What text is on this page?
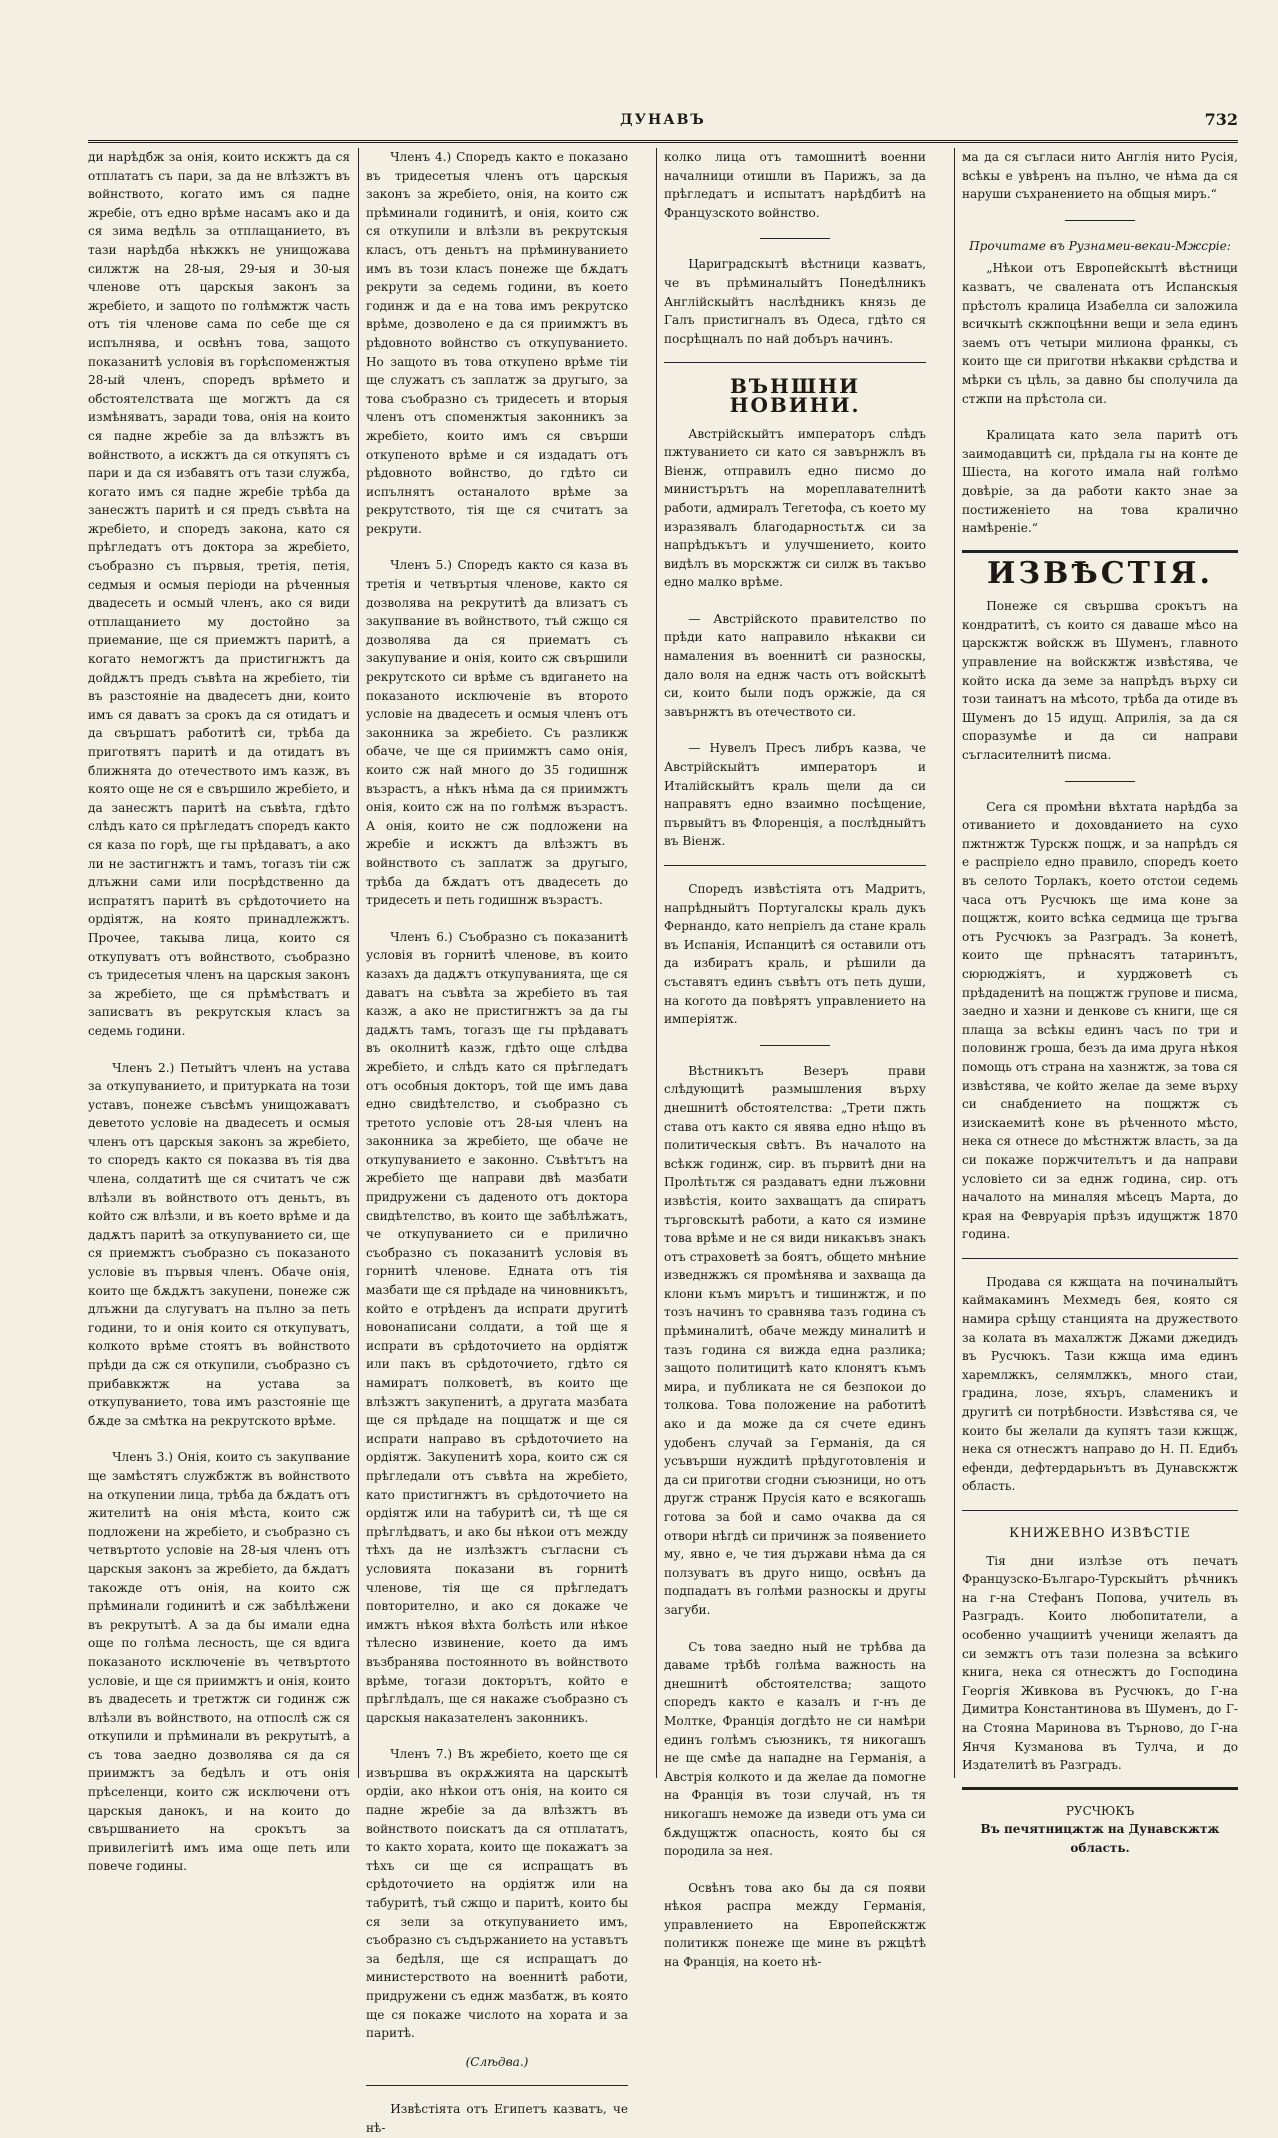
ДУНАВЪ	732

ди нарѣдбж за онія, които искжтъ да ся отплататъ съ пари, за да не влѣзжтъ въ войнството, когато имъ ся падне жребіе, отъ едно врѣме насамъ ако и да ся зима ведѣль за отплащанието, въ тази нарѣдба нѣкжкъ не унищожава силжтж на 28-ыя, 29-ыя и 30-ыя членове отъ царскыя законъ за жребіето, и защото по голѣмжтж часть отъ тія членове сама по себе ще ся испълнява, и освѣнъ това, защото показанитѣ условія въ горѣспоменжтыя 28-ый членъ, споредъ врѣмето и обстоятелствата ще могжтъ да ся измѣняватъ, заради това, онія на които ся падне жребіе за да влѣзжтъ въ войнството, а искжтъ да ся откупятъ съ пари и да ся избавятъ отъ тази служба, когато имъ ся падне жребіе трѣба да занесжтъ паритѣ и ся предъ съвѣта на жребіето, и споредъ закона, като ся прѣгледатъ отъ доктора за жребіето, съобразно съ първыя, третія, петія, седмыя и осмыя періоди на рѣченныя двадесеть и осмый членъ, ако ся види отплащанието му достойно за приемание, ще ся приемжтъ паритѣ, а когато немогжтъ да пристигнжтъ да дойдѫтъ предъ съвѣта на жребіето, тіи въ разстояніе на двадесетъ дни, които имъ ся даватъ за срокъ да ся отидатъ и да свършатъ работитѣ си, трѣба да приготвятъ паритѣ и да отидатъ въ ближнята до отечеството имъ казж, въ която още не ся е свършило жребіето, и да занесжтъ паритѣ на съвѣта, гдѣто слѣдъ като ся прѣгледатъ споредъ както ся каза по горѣ, ще гы прѣдаватъ, а ако ли не застигнжтъ и тамъ, тогазъ тіи сж длъжни сами или посрѣдственно да испратятъ паритѣ въ срѣдоточието на ордіятж, на която принадлежжтъ. Прочее, такыва лица, които ся откупуватъ отъ войнството, съобразно съ тридесетыя членъ на царскыя законъ за жребіето, ще ся прѣмѣстватъ и записватъ въ рекрутскыя класъ за седемь години.

Членъ 2.) Петыйтъ членъ на устава за откупуванието, и притурката на този уставъ, понеже съвсѣмъ унищожаватъ деветото условіе на двадесеть и осмыя членъ отъ царскыя законъ за жребіето, то споредъ както ся показва въ тія два члена, солдатитѣ ще ся считатъ че сж влѣзли въ войнството отъ деньтъ, въ който сж влѣзли, и въ което врѣме и да дадѫтъ паритѣ за откупуванието си, ще ся приемжтъ съобразно съ показаното условіе въ първыя членъ. Обаче онія, които ще бѫдѫтъ закупени, понеже сж длъжни да слугуватъ на пълно за петь години, то и онія които ся откупуватъ, колкото врѣме стоятъ въ войнството прѣди да сж ся откупили, съобразно съ прибавкжтж на устава за откупуванието, това имъ разстояніе ще бѫде за смѣтка на рекрутското врѣме.

Членъ 3.) Онія, които съ закупвание ще замѣстятъ службжтж въ войнството на откупении лица, трѣба да бѫдатъ отъ жителитѣ на онія мѣста, които сж подложени на жребіето, и съобразно съ четвъртото условіе на 28-ыя членъ отъ царскыя законъ за жребіето, да бѫдатъ такожде отъ онія, на които сж прѣминали годинитѣ и сж забѣлѣжени въ рекрутытѣ. А за да бы имали една още по голѣма лесность, ще ся вдига показаното исключеніе въ четвъртото условіе, и ще ся приимжтъ и онія, които въ двадесеть и третжтж си годинж сж влѣзли въ войнството, на отпослѣ сж ся откупили и прѣминали въ рекрутытѣ, а съ това заедно дозволява ся да ся приимжтъ за бедѣлъ и отъ онія прѣселенци, които сж исключени отъ царскыя данокъ, и на които до свършванието на срокътъ за привилегіитѣ имъ има още петь или повече годины.

Членъ 4.) Споредъ както е показано въ тридесетыя членъ отъ царскыя законъ за жребіето, онія, на които сж прѣминали годинитѣ, и онія, които сж ся откупили и влѣзли въ рекрутскыя класъ, отъ деньтъ на прѣминуванието имъ въ този класъ понеже ще бѫдатъ рекрути за седемь години, въ което годинж и да е на това имъ рекрутско врѣме, дозволено е да ся приимжтъ въ рѣдовното войнство съ откупуванието. Но защото въ това откупено врѣме тіи ще служатъ съ заплатж за другыго, за това съобразно съ тридесеть и вторыя членъ отъ споменжтыя законникъ за жребіето, които имъ ся свърши откупеното врѣме и ся издадатъ отъ рѣдовното войнство, до гдѣто си испълнятъ останалото врѣме за рекрутството, тія ще ся считатъ за рекрути.

Членъ 5.) Споредъ както ся каза въ третія и четвъртыя членове, както ся дозволява на рекрутитѣ да влизатъ съ закупвание въ войнството, тъй сжщо ся дозволява да ся приематъ съ закупувание и онія, които сж свършили рекрутското си врѣме съ вдигането на показаното исключеніе въ второто условіе на двадесеть и осмыя членъ отъ законника за жребіето. Съ разликж обаче, че ще ся приимжтъ само онія, които сж най много до 35 годишнж възрастъ, а нѣкъ нѣма да ся приимжтъ онія, които сж на по голѣмж възрастъ. А онія, които не сж подложени на жребіе и искжтъ да влѣзжтъ въ войнството съ заплатж за другыго, трѣба да бѫдатъ отъ двадесеть до тридесеть и петь годишнж възрастъ.

Членъ 6.) Съобразно съ показанитѣ условія въ горнитѣ членове, въ които казахъ да дадѫтъ откупуванията, ще ся даватъ на съвѣта за жребіето въ тая казж, а ако не пристигнжтъ за да гы дадѫтъ тамъ, тогазъ ще гы прѣдаватъ въ околнитѣ казж, гдѣто още слѣдва жребіето, и слѣдъ като ся прѣгледатъ отъ особныя докторъ, той ще имъ дава едно свидѣтелство, и съобразно съ третото условіе отъ 28-ыя членъ на законника за жребіето, ще обаче не откупуванието е законно. Съвѣтътъ на жребіето ще направи двѣ мазбати придружени съ даденото отъ доктора свидѣтелство, въ които ще забѣлѣжатъ, че откупуванието си е прилично съобразно съ показанитѣ условія въ горнитѣ членове. Едната отъ тія мазбати ще ся прѣдаде на чиновникътъ, който е отрѣденъ да испрати другитѣ новонаписани солдати, а той ще я испрати въ срѣдоточието на ордіятж или пакъ въ срѣдоточието, гдѣто ся намиратъ полковетѣ, въ които ще влѣзжтъ закупенитѣ, а другата мазбата ще ся прѣдаде на поцщатж и ще ся испрати направо въ срѣдоточието на ордіятж. Закупенитѣ хора, които сж ся прѣгледали отъ съвѣта на жребіето, като пристигнжтъ въ срѣдоточието на ордіятж или на табуритѣ си, тѣ ще ся прѣглѣдватъ, и ако бы нѣкои отъ между тѣхъ да не излѣзжтъ съгласни съ условията показани въ горнитѣ членове, тія ще ся прѣгледатъ повторително, и ако ся докаже че имжтъ нѣкоя вѣхта болѣсть или нѣкое тѣлесно извинение, което да имъ възбранява постоянното въ войнството врѣме, тогази докторътъ, който е прѣглѣдалъ, ще ся накаже съобразно съ царскыя наказателенъ законникъ.

Членъ 7.) Въ жребіето, което ще ся извършва въ окрѫжията на царскытѣ ордіи, ако нѣкои отъ онія, на които ся падне жребіе за да влѣзжтъ въ войнството поискатъ да ся отплататъ, то както хората, които ще покажатъ за тѣхъ си ще ся испращатъ въ срѣдоточието на ордіятж или на табуритѣ, тъй сжщо и паритѣ, които бы ся зели за откупуванието имъ, съобразно съ съдържанието на уставътъ за бедѣля, ще ся испращатъ до министерството на военнитѣ работи, придружени съ еднж мазбатж, въ която ще ся покаже числото на хората и за паритѣ.

(Слѣдва.)

Извѣстіята отъ Египетъ казватъ, че нѣ-

колко лица отъ тамошнитѣ военни началници отишли въ Парижъ, за да прѣгледатъ и испытатъ нарѣдбитѣ на Французското войнство.

Цариградскытѣ вѣстници казватъ, че въ прѣминалыйтъ Понедѣлникъ Англійскыйтъ наслѣдникъ князь де Галъ пристигналъ въ Одеса, гдѣто ся посрѣщналъ по най добъръ начинъ.

ВЪНШНИ НОВИНИ.

Австрійскыйтъ императоръ слѣдъ пжтуванието си като ся завърнжлъ въ Віенж, отправилъ едно писмо до министърътъ на мореплавателнитѣ работи, адмиралъ Тегетофа, съ което му изразявалъ благодарностьтѫ си за напрѣдъкътъ и улучшението, които видѣлъ въ морскжтж си силж въ такъво едно малко врѣме.

— Австрійското правителство по прѣди като направило нѣкакви си намаления въ военнитѣ си разноскы, дало воля на еднж часть отъ войскытѣ си, които были подъ оржжіе, да ся завърнжтъ въ отечеството си.

— Нувелъ Пресъ либръ казва, че Австрійскыйтъ императоръ и Италійскыйтъ краль щели да си направятъ едно взаимно посѣщение, първыйтъ въ Флоренція, а послѣдныйтъ въ Віенж.

Споредъ извѣстіята отъ Мадритъ, напрѣдныйтъ Португалскы краль дукъ Фернандо, като непріелъ да стане краль въ Испанія, Испанцитѣ ся оставили отъ да избиратъ краль, и рѣшили да съставятъ единъ съвѣтъ отъ петь души, на когото да повѣрятъ управлението на имперіятж.

Вѣстникътъ Везеръ прави слѣдующитѣ размышления върху днешнитѣ обстоятелства: „Трети пжть става отъ както ся явява едно нѣщо въ политическыя свѣтъ. Въ началото на всѣкж годинж, сир. въ първитѣ дни на Пролѣтьтж ся раздаватъ едни лъжовни извѣстія, които захващатъ да спиратъ търговскытѣ работи, а като ся измине това врѣме и не ся види никакъвъ знакъ отъ страховетѣ за боятъ, общето мнѣние изведнжжъ ся промѣнява и захваща да клони къмъ мирътъ и тишинжтж, и по тозъ начинъ то сравнява тазъ година съ прѣминалитѣ, обаче между миналитѣ и тазъ година ся вижда една разлика; защото политицитѣ като клонятъ къмъ мира, и публиката не ся безпокои до толкова. Това положение на работитѣ ако и да може да ся счете единъ удобенъ случай за Германія, да ся усъвърши нуждитѣ прѣдуготовленія и да си приготви сгодни съюзници, но отъ другж странж Прусія като е всякогашь готова за бой и само очаква да ся отвори нѣгдѣ си причинж за появението му, явно е, че тия държави нѣма да ся ползуватъ въ друго нищо, освѣнъ да подпадатъ въ голѣми разноскы и другы загуби.

Съ това заедно ный не трѣбва да даваме трѣбѣ голѣма важность на днешнитѣ обстоятелства; защото споредъ както е казалъ и г-нъ де Молтке, Франція догдѣто не си намѣри единъ голѣмъ съюзникъ, тя никогашъ не ще смѣе да нападне на Германія, а Австрія колкото и да желае да помогне на Франція въ този случай, нъ тя никогашъ неможе да изведи отъ ума си бѫдущжтж опасность, която бы ся породила за нея.

Освѣнъ това ако бы да ся появи нѣкоя распра между Германія, управлението на Европейскжтж политикж понеже ще мине въ ржцѣтѣ на Франція, на което нѣ-

ма да ся съгласи нито Англія нито Русія, всѣкы е увѣренъ на пълно, че нѣма да ся наруши съхранението на общыя миръ.“

Прочитаме въ Рузнамеи-векаи-Мжсрiе:

„Нѣкои отъ Европейскытѣ вѣстници казватъ, че свалената отъ Испанскыя прѣстолъ кралица Изабелла си заложила всичкытѣ скжпоцѣнни вещи и зела единъ заемъ отъ четыри милиона франкы, съ които ще си приготви нѣкакви срѣдства и мѣрки съ цѣль, за давно бы сполучила да стжпи на прѣстола си.

Кралицата като зела паритѣ отъ заимодавцитѣ си, прѣдала гы на конте де Шіеста, на когото имала най голѣмо довѣріе, за да работи както знае за постиженіето на това кралично намѣреніе.“

ИЗВѢСТІЯ.

Понеже ся свършва срокътъ на кондратитѣ, съ които ся даваше мѣсо на царскжтж войскж въ Шуменъ, главното управление на войскжтж извѣстява, че който иска да земе за напрѣдъ върху си този таинатъ на мѣсото, трѣба да отиде въ Шуменъ до 15 идущ. Априлія, за да ся споразумѣе и да си направи съгласителнитѣ писма.

Сега ся промѣни вѣхтата нарѣдба за отиванието и доховданието на сухо пжтнжтж Турскж пощж, и за напрѣдъ ся е распріело едно правило, споредъ което въ селото Торлакъ, което отстои седемь часа отъ Русчюкъ ще има коне за пощжтж, които всѣка седмица ще тръгва отъ Русчюкъ за Разградъ. За конетѣ, които ще прѣнасятъ татаринътъ, сюрюджіятъ, и хурджоветѣ съ прѣдаденитѣ на пощжтж групове и писма, заедно и хазни и денкове съ книги, ще ся плаща за всѣкы единъ часъ по три и половинж гроша, безъ да има друга нѣкоя помощь отъ страна на хазнжтж, за това ся извѣстява, че който желае да земе върху си снабдението на пощжтж съ изискаемитѣ коне въ рѣченното мѣсто, нека ся отнесе до мѣстнжтж власть, за да си покаже поржчителътъ и да направи условіето си за еднж година, сир. отъ началото на миналяя мѣсецъ Марта, до края на Февруарія прѣзъ идущжтж 1870 година.

Продава ся кжщата на починалыйтъ каймакаминъ Мехмедъ бея, която ся намира срѣщу станцията на дружеството за колата въ махалжтж Джами джедидъ въ Русчюкъ. Тази кжща има единъ харемлжкъ, селямлжкъ, много стаи, градина, лозе, яхъръ, сламеникъ и другитѣ си потрѣбности. Извѣстява ся, че които бы желали да купятъ тази кжщж, нека ся отнесжтъ направо до Н. П. Едибъ ефенди, дефтердарьнътъ въ Дунавскжтж область.

КНИЖЕВНО ИЗВѢСТІЕ

Тія дни излѣзе отъ печатъ Французско-Българо-Турскыйтъ рѣчникъ на г-на Стефанъ Попова, учитель въ Разградъ. Които любопитатели, а особенно учащиитѣ ученици желаятъ да си земжтъ отъ тази полезна за всѣкиго книга, нека ся отнесжтъ до Господина Георгія Живкова въ Русчюкъ, до Г-на Димитра Константинова въ Шуменъ, до Г-на Стояна Маринова въ Търново, до Г-на Янчя Кузманова въ Тулча, и до Издателитѣ въ Разградъ.

РУСЧЮКЪ
Въ печятницжтж на Дунавскжтж область.
